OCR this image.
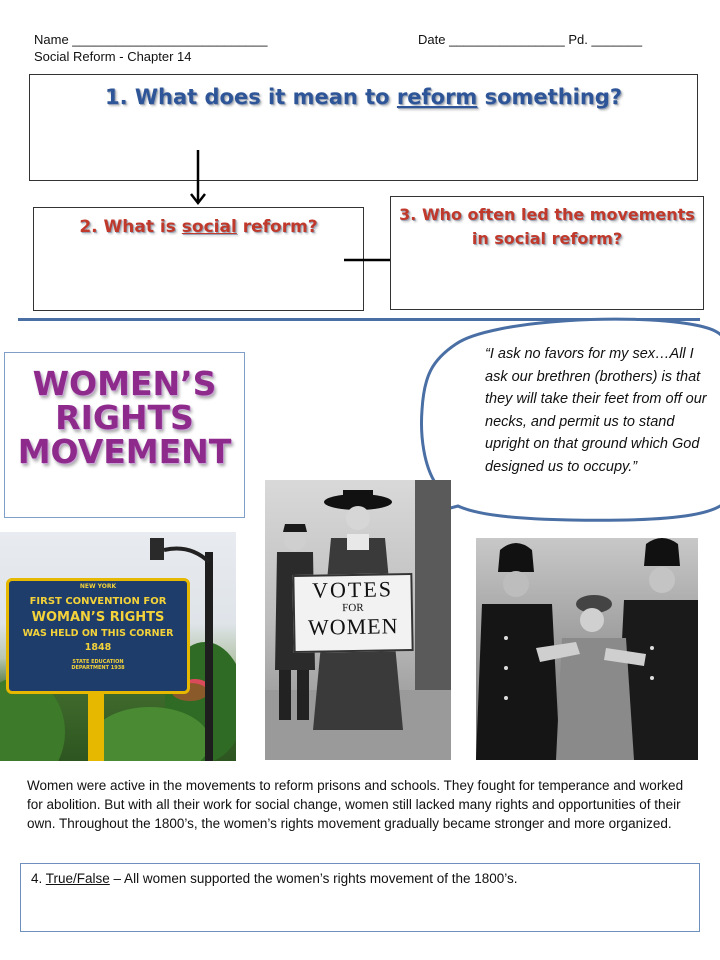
Name ___________________________	Date ________________ Pd. _______
Social Reform - Chapter 14
1. What does it mean to reform something?
2. What is social reform?
3. Who often led the movements
in social reform?
WOMEN’S
RIGHTS
MOVEMENT
“I ask no favors for my sex…All I ask our brethren (brothers) is that they will take their feet from off our necks, and permit us to stand upright on that ground which God designed us to occupy.”
NEW YORK
FIRST CONVENTION FOR
WOMAN’S RIGHTS
WAS HELD ON THIS CORNER
1848
STATE EDUCATION
DEPARTMENT 1938
VOTES
FOR
WOMEN
Women were active in the movements to reform prisons and schools. They fought for temperance and worked for abolition. But with all their work for social change, women still lacked many rights and opportunities of their own. Throughout the 1800’s, the women’s rights movement gradually became stronger and more organized.
4. True/False – All women supported the women’s rights movement of the 1800’s.
